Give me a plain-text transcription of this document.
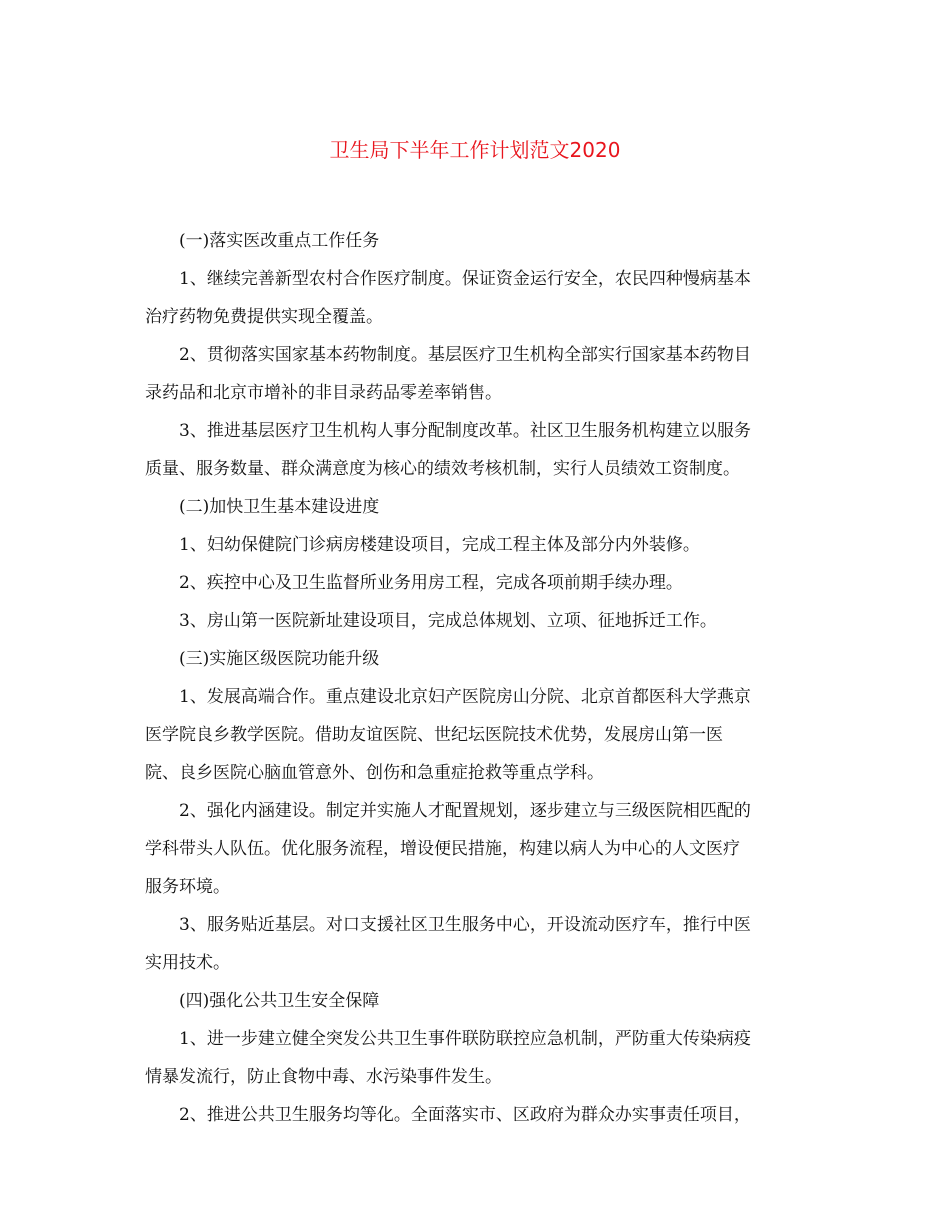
卫生局下半年工作计划范文2020

(一)落实医改重点工作任务

1、继续完善新型农村合作医疗制度。保证资金运行安全，农民四种慢病基本
治疗药物免费提供实现全覆盖。

2、贯彻落实国家基本药物制度。基层医疗卫生机构全部实行国家基本药物目
录药品和北京市增补的非目录药品零差率销售。

3、推进基层医疗卫生机构人事分配制度改革。社区卫生服务机构建立以服务
质量、服务数量、群众满意度为核心的绩效考核机制，实行人员绩效工资制度。

(二)加快卫生基本建设进度

1、妇幼保健院门诊病房楼建设项目，完成工程主体及部分内外装修。

2、疾控中心及卫生监督所业务用房工程，完成各项前期手续办理。

3、房山第一医院新址建设项目，完成总体规划、立项、征地拆迁工作。

(三)实施区级医院功能升级

1、发展高端合作。重点建设北京妇产医院房山分院、北京首都医科大学燕京
医学院良乡教学医院。借助友谊医院、世纪坛医院技术优势，发展房山第一医
院、良乡医院心脑血管意外、创伤和急重症抢救等重点学科。

2、强化内涵建设。制定并实施人才配置规划，逐步建立与三级医院相匹配的
学科带头人队伍。优化服务流程，增设便民措施，构建以病人为中心的人文医疗
服务环境。

3、服务贴近基层。对口支援社区卫生服务中心，开设流动医疗车，推行中医
实用技术。

(四)强化公共卫生安全保障

1、进一步建立健全突发公共卫生事件联防联控应急机制，严防重大传染病疫
情暴发流行，防止食物中毒、水污染事件发生。

2、推进公共卫生服务均等化。全面落实市、区政府为群众办实事责任项目，
